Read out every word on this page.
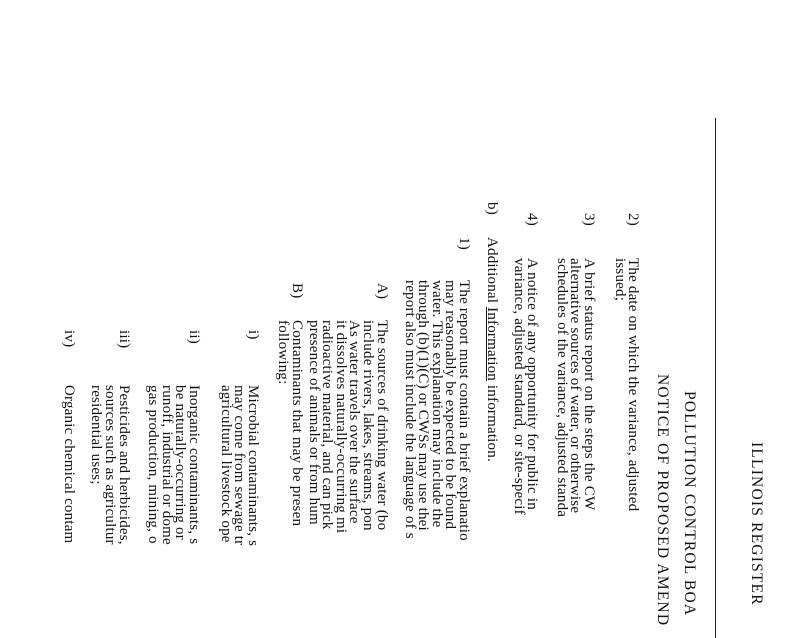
ILLINOIS REGISTER

POLLUTION CONTROL BOA

NOTICE OF PROPOSED AMEND

2)

The date on which the variance, adjusted

issued;

3)

A brief status report on the steps the CW

alternative sources of water, or otherwise

schedules of the variance, adjusted standa

4)

A notice of any opportunity for public in

variance, adjusted standard, or site-specif

b)

Additional Information information.

1)

The report must contain a brief explanatio

may reasonably be expected to be found

water. This explanation may include the

through (b)(1)(C) or CWSs may use thei

report also must include the language of s

A)

The sources of drinking water (bo

include rivers, lakes, streams, pon

As water travels over the surface

it dissolves naturally-occurring mi

radioactive material, and can pick

presence of animals or from hum

B)

Contaminants that may be presen

following:

i)

Microbial contaminants, s

may come from sewage tr

agricultural livestock ope

ii)

Inorganic contaminants, s

be naturally-occurring or

runoff, industrial or dome

gas production, mining, o

iii)

Pesticides and herbicides,

sources such as agricultur

residential uses;

iv)

Organic chemical contam
